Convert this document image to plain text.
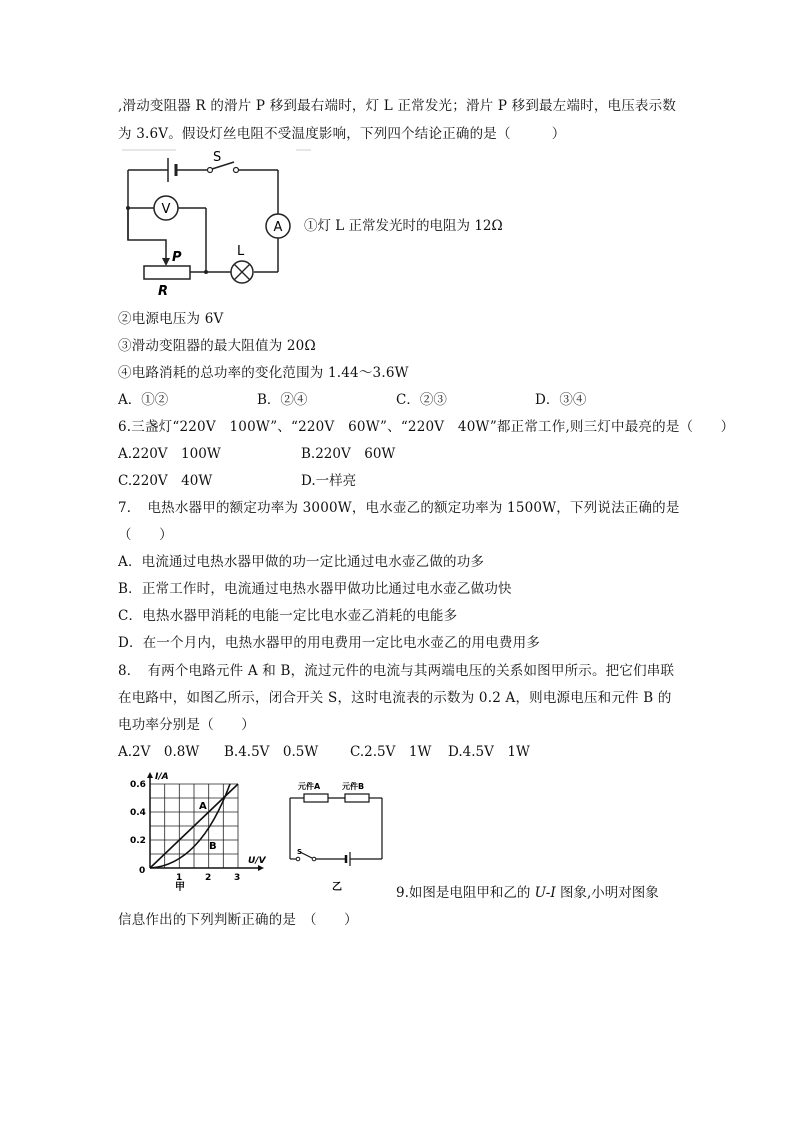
,滑动变阻器 R 的滑片 P 移到最右端时，灯 L 正常发光；滑片 P 移到最左端时，电压表示数
为 3.6V。假设灯丝电阻不受温度影响，下列四个结论正确的是（　　　）
S
A
L
R
P
V
①灯 L 正常发光时的电阻为 12Ω
②电源电压为 6V
③滑动变阻器的最大阻值为 20Ω
④电路消耗的总功率的变化范围为 1.44～3.6W
A．①②	B．②④	C．②③	D．③④
6.三盏灯“220V　100W”、“220V　60W”、“220V　40W”都正常工作,则三灯中最亮的是（　　）
A.220V　100W	B.220V　60W
C.220V　40W	D.一样亮
7．　电热水器甲的额定功率为 3000W，电水壶乙的额定功率为 1500W，下列说法正确的是
（　　）
A．电流通过电热水器甲做的功一定比通过电水壶乙做的功多
B．正常工作时，电流通过电热水器甲做功比通过电水壶乙做功快
C．电热水器甲消耗的电能一定比电水壶乙消耗的电能多
D．在一个月内，电热水器甲的用电费用一定比电水壶乙的用电费用多
8．　有两个电路元件 A 和 B，流过元件的电流与其两端电压的关系如图甲所示。把它们串联
在电路中，如图乙所示，闭合开关 S，这时电流表的示数为 0.2 A，则电源电压和元件 B 的
电功率分别是（　　）
A.2V　0.8W B.4.5V　0.5W C.2.5V　1W D.4.5V　1W
A
B
I/A
U/V
0.6
0.4
0.2
0
1	2	3
甲
元件A	元件B
S
乙	9.如图是电阻甲和乙的 U-I 图象,小明对图象
信息作出的下列判断正确的是　（　　）
